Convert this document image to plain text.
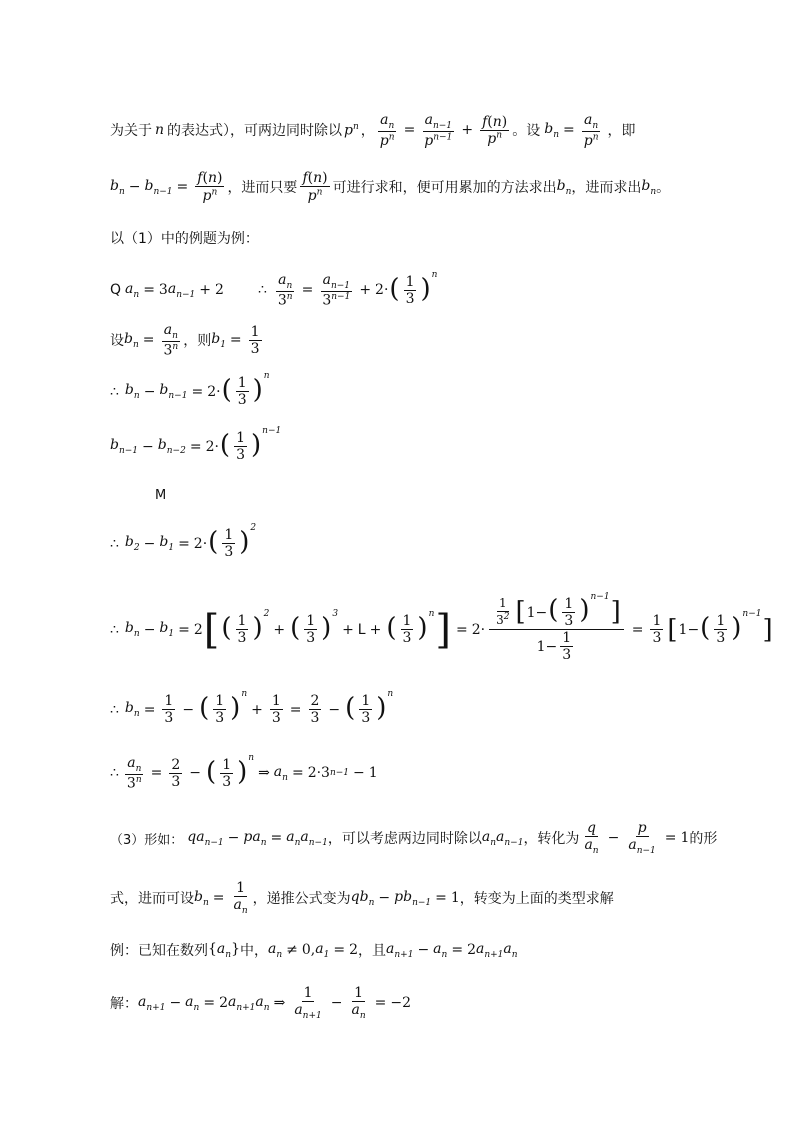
为关于 n 的表达式），可两边同时除以 $p^n$ ， $\frac{a_n}{p^n} = \frac{a_{n-1}}{p^{n-1}} + \frac{f(n)}{p^n}$ 。设 $b_n = \frac{a_n}{p^n}$ ，即
$b_n - b_{n-1} = \frac{f(n)}{p^n}$ ，进而只要 $\frac{f(n)}{p^n}$ 可进行求和，便可用累加的方法求出 $b_n$ ，进而求出 $b_n$ 。
以（1）中的例题为例：
Q $a_n = 3$ $a_{n-1} + 2$ ∴ $\frac{a_n}{3^n} = \frac{a_{n-1}}{3^{n-1}} + 2\cdot$ ( $\frac{1}{3} )^n$
设 $b_n = \frac{a_n}{3^n}$ ，则 $b_1 = \frac{1}{3}$
∴ $b_n - b_{n-1} = 2\cdot$ ( $\frac{1}{3} )^n$
$b_{n-1} - b_{n-2} = 2\cdot$ ( $\frac{1}{3} )^{n-1}$
M
∴ $b_2 - b_1 = 2\cdot$ ( $\frac{1}{3} )^2$
∴ $b_n - b_1 = 2$ [ ( $\frac{1}{3} )^2$
+ ( $\frac{1}{3} )^3$
+ L + ( $\frac{1}{3} )^n$ ] = $2\cdot \frac{\frac{1}{3^2} [ 1- ( \frac{1}{3} )^{n-1} ]}{1- \frac{1}{3}} = \frac{1}{3}$ [ 1− ( $\frac{1}{3} )^{n-1}$
]
∴ $b_n = \frac{1}{3}$ − ( $\frac{1}{3} )^n$
+ $\frac{1}{3} = \frac{2}{3}$ − ( $\frac{1}{3} )^n$
∴ $\frac{a_n}{3^n} = \frac{2}{3}$ − ( $\frac{1}{3} )^n$
⇒ $a_n = 2\cdot 3$ n−1 − 1
（3）形如： $qa_{n-1} - pa_n = a_na_{n-1}$ ，可以考虑两边同时除以 $a_na_{n-1}$ ，转化为 $\frac{q}{a_n} - \frac{p}{a_{n-1}} = 1$ 的形
式，进而可设 $b_n = \frac{1}{a_n}$ ，递推公式变为 $qb_n - pb_{n-1} = 1$ ，转变为上面的类型求解
例：已知在数列 $\{a_n\}$ 中， $a_n \ne 0$, $a_1 = 2$ ，且 $a_{n+1} - a_n = 2$ $a_{n+1}a_n$
解： $a_{n+1} - a_n = 2$ $a_{n+1}a_n$ ⇒ $\frac{1}{a_{n+1}} - \frac{1}{a_n} = -2$
